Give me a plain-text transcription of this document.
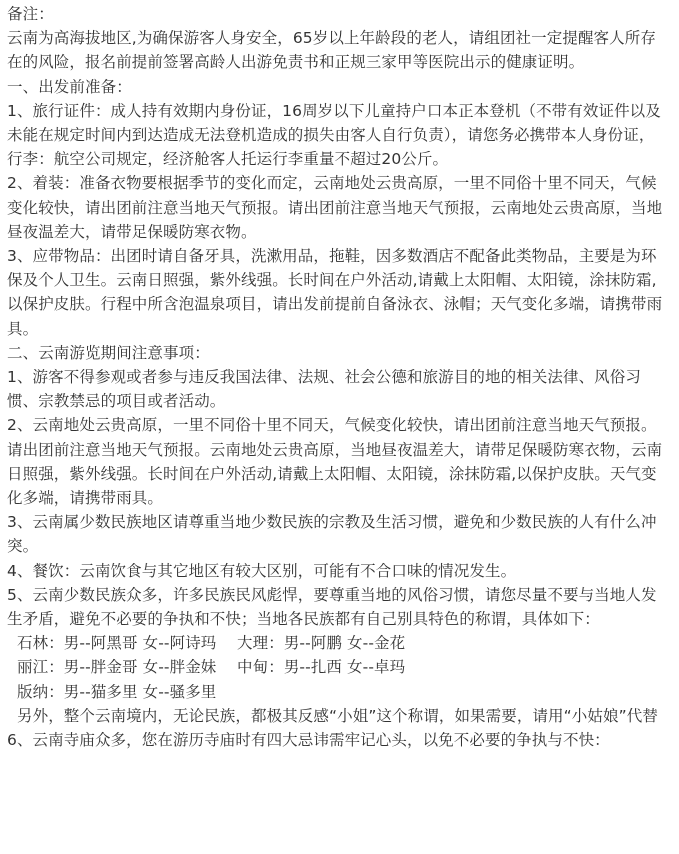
备注：

云南为高海拔地区,为确保游客人身安全，65岁以上年龄段的老人，请组团社一定提醒客人所存在的风险，报名前提前签署高龄人出游免责书和正规三家甲等医院出示的健康证明。

一、出发前准备：

1、旅行证件：成人持有效期内身份证，16周岁以下儿童持户口本正本登机（不带有效证件以及未能在规定时间内到达造成无法登机造成的损失由客人自行负责），请您务必携带本人身份证，行李：航空公司规定，经济舱客人托运行李重量不超过20公斤。

2、着装：准备衣物要根据季节的变化而定，云南地处云贵高原，一里不同俗十里不同天，气候变化较快，请出团前注意当地天气预报。请出团前注意当地天气预报，云南地处云贵高原，当地昼夜温差大，请带足保暖防寒衣物。

3、应带物品：出团时请自备牙具，洗漱用品，拖鞋，因多数酒店不配备此类物品，主要是为环保及个人卫生。云南日照强，紫外线强。长时间在户外活动,请戴上太阳帽、太阳镜，涂抹防霜,以保护皮肤。行程中所含泡温泉项目，请出发前提前自备泳衣、泳帽；天气变化多端，请携带雨具。

二、云南游览期间注意事项：

1、游客不得参观或者参与违反我国法律、法规、社会公德和旅游目的地的相关法律、风俗习惯、宗教禁忌的项目或者活动。

2、云南地处云贵高原，一里不同俗十里不同天，气候变化较快，请出团前注意当地天气预报。请出团前注意当地天气预报。云南地处云贵高原，当地昼夜温差大，请带足保暖防寒衣物，云南日照强，紫外线强。长时间在户外活动,请戴上太阳帽、太阳镜，涂抹防霜,以保护皮肤。天气变化多端，请携带雨具。

3、云南属少数民族地区请尊重当地少数民族的宗教及生活习惯，避免和少数民族的人有什么冲突。

4、餐饮：云南饮食与其它地区有较大区别，可能有不合口味的情况发生。

5、云南少数民族众多，许多民族民风彪悍，要尊重当地的风俗习惯，请您尽量不要与当地人发生矛盾，避免不必要的争执和不快；当地各民族都有自己别具特色的称谓，具体如下：

石林：男--阿黑哥 女--阿诗玛　 大理：男--阿鹏 女--金花

丽江：男--胖金哥 女--胖金妹　 中甸：男--扎西 女--卓玛

版纳：男--猫多里 女--骚多里

另外，整个云南境内，无论民族，都极其反感“小姐”这个称谓，如果需要，请用“小姑娘”代替

6、云南寺庙众多，您在游历寺庙时有四大忌讳需牢记心头，以免不必要的争执与不快：
